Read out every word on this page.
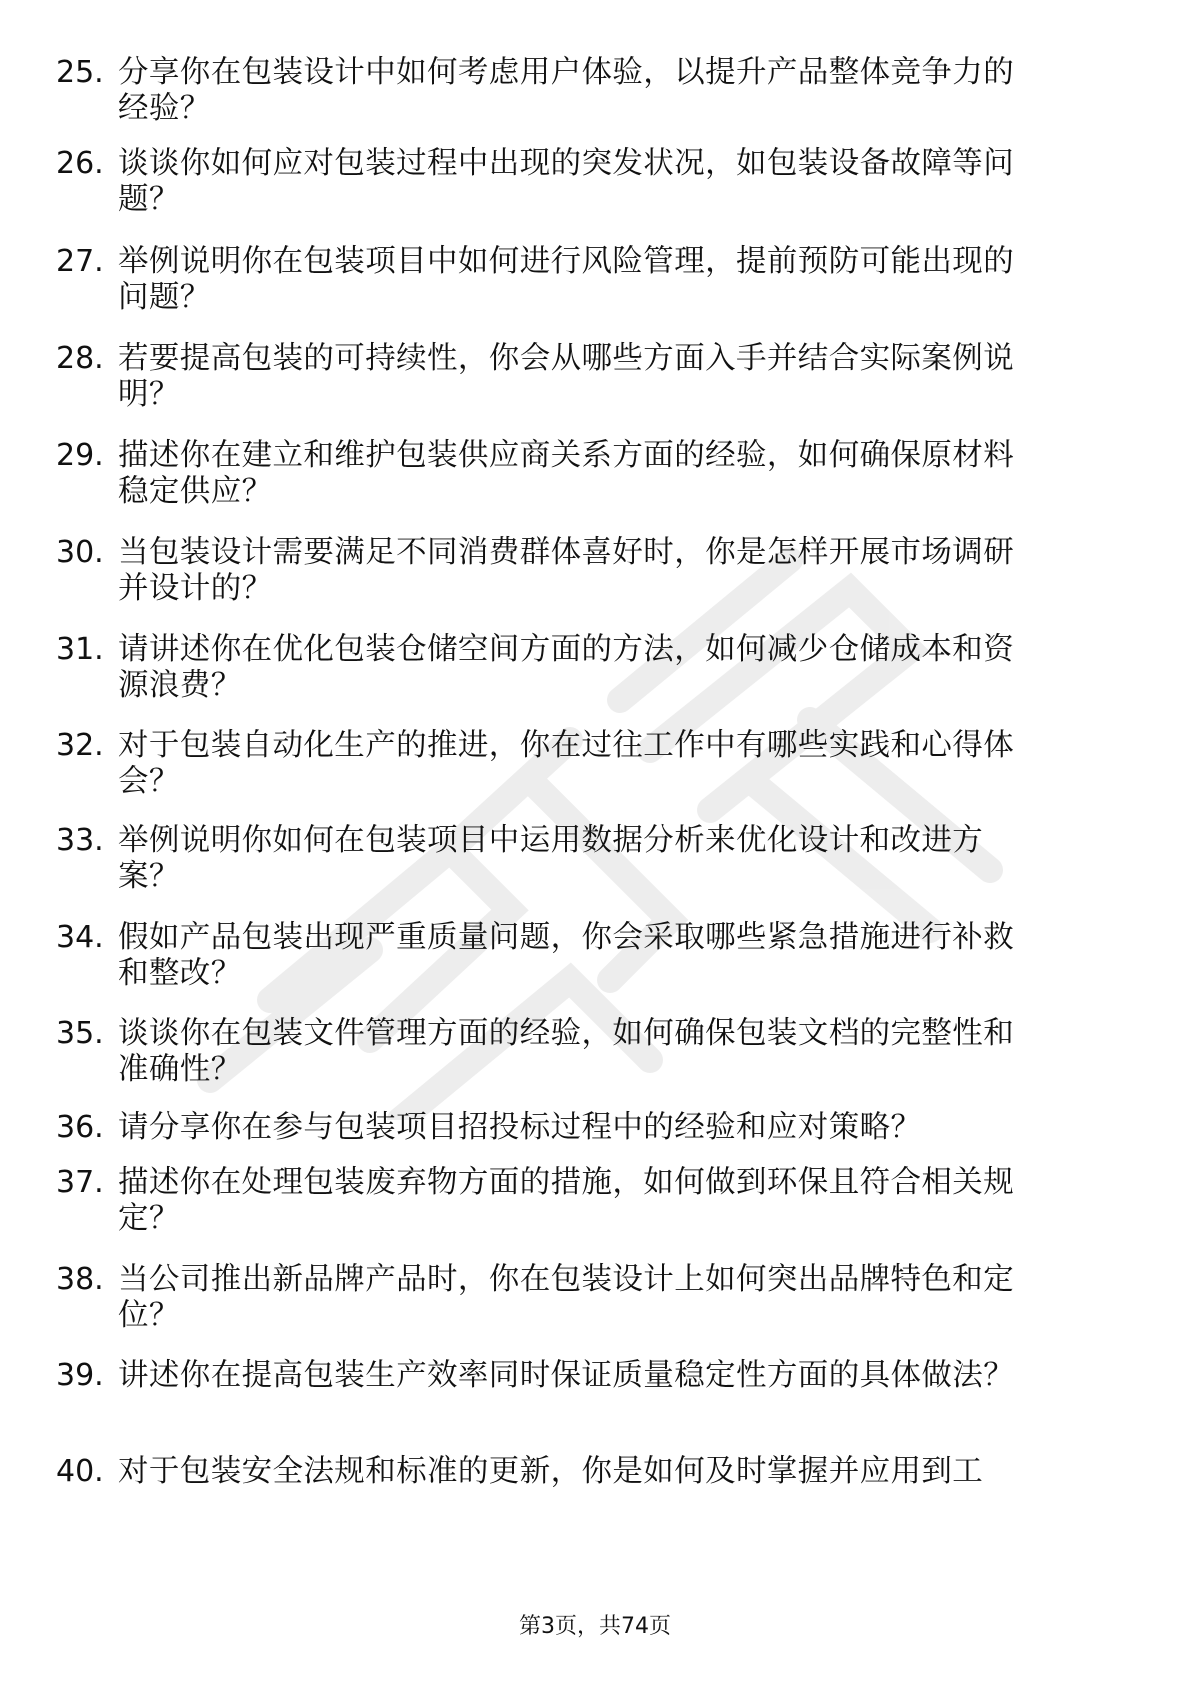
25. 分享你在包装设计中如何考虑用户体验，以提升产品整体竞争力的经验？
26. 谈谈你如何应对包装过程中出现的突发状况，如包装设备故障等问题？
27. 举例说明你在包装项目中如何进行风险管理，提前预防可能出现的问题？
28. 若要提高包装的可持续性，你会从哪些方面入手并结合实际案例说明？
29. 描述你在建立和维护包装供应商关系方面的经验，如何确保原材料稳定供应？
30. 当包装设计需要满足不同消费群体喜好时，你是怎样开展市场调研并设计的？
31. 请讲述你在优化包装仓储空间方面的方法，如何减少仓储成本和资源浪费？
32. 对于包装自动化生产的推进，你在过往工作中有哪些实践和心得体会？
33. 举例说明你如何在包装项目中运用数据分析来优化设计和改进方案？
34. 假如产品包装出现严重质量问题，你会采取哪些紧急措施进行补救和整改？
35. 谈谈你在包装文件管理方面的经验，如何确保包装文档的完整性和准确性？
36. 请分享你在参与包装项目招投标过程中的经验和应对策略？
37. 描述你在处理包装废弃物方面的措施，如何做到环保且符合相关规定？
38. 当公司推出新品牌产品时，你在包装设计上如何突出品牌特色和定位？
39. 讲述你在提高包装生产效率同时保证质量稳定性方面的具体做法？
40. 对于包装安全法规和标准的更新，你是如何及时掌握并应用到工
第3页，共74页
